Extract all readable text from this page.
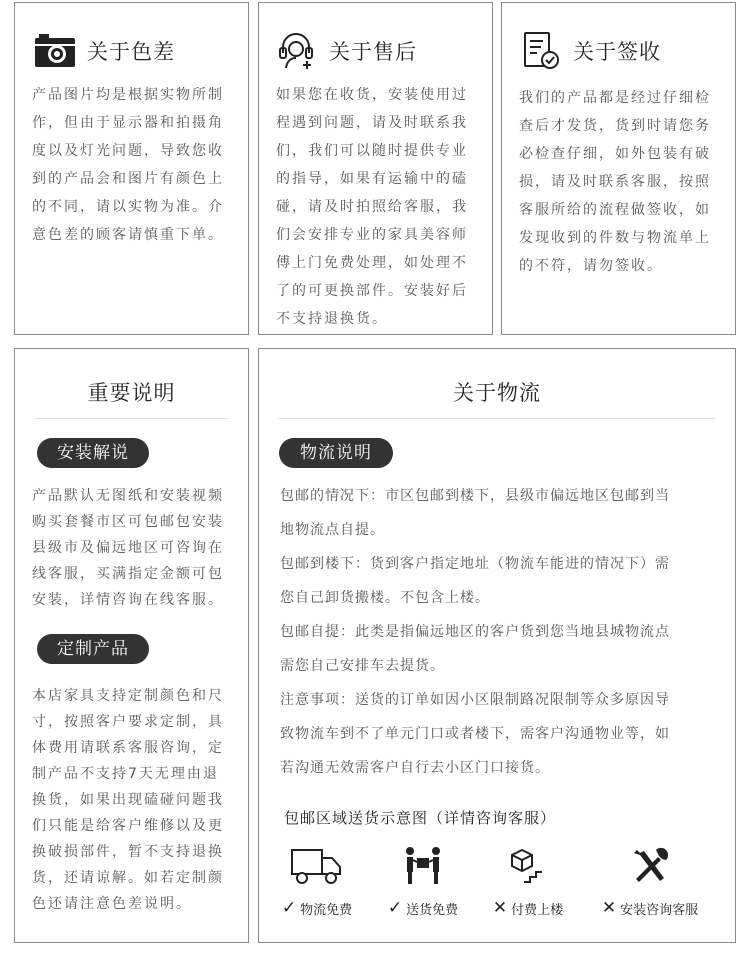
关于色差
产品图片均是根据实物所制
作，但由于显示器和拍摄角
度以及灯光问题，导致您收
到的产品会和图片有颜色上
的不同，请以实物为准。介
意色差的顾客请慎重下单。
关于售后
如果您在收货，安装使用过
程遇到问题，请及时联系我
们，我们可以随时提供专业
的指导，如果有运输中的磕
碰，请及时拍照给客服，我
们会安排专业的家具美容师
傅上门免费处理，如处理不
了的可更换部件。安装好后
不支持退换货。
关于签收
我们的产品都是经过仔细检
查后才发货，货到时请您务
必检查仔细，如外包装有破
损，请及时联系客服，按照
客服所给的流程做签收，如
发现收到的件数与物流单上
的不符，请勿签收。
重要说明
安装解说
产品默认无图纸和安装视频
购买套餐市区可包邮包安装
县级市及偏远地区可咨询在
线客服，买满指定金额可包
安装，详情咨询在线客服。
定制产品
本店家具支持定制颜色和尺
寸，按照客户要求定制，具
体费用请联系客服咨询，定
制产品不支持7天无理由退
换货，如果出现磕碰问题我
们只能是给客户维修以及更
换破损部件，暂不支持退换
货，还请谅解。如若定制颜
色还请注意色差说明。
关于物流
物流说明
包邮的情况下：市区包邮到楼下，县级市偏远地区包邮到当
地物流点自提。
包邮到楼下：货到客户指定地址（物流车能进的情况下）需
您自己卸货搬楼。不包含上楼。
包邮自提：此类是指偏远地区的客户货到您当地县城物流点
需您自己安排车去提货。
注意事项：送货的订单如因小区限制路况限制等众多原因导
致物流车到不了单元门口或者楼下，需客户沟通物业等，如
若沟通无效需客户自行去小区门口接货。
包邮区域送货示意图（详情咨询客服）
✓ 物流免费 ✓ 送货免费 ✕ 付费上楼 ✕ 安装咨询客服
